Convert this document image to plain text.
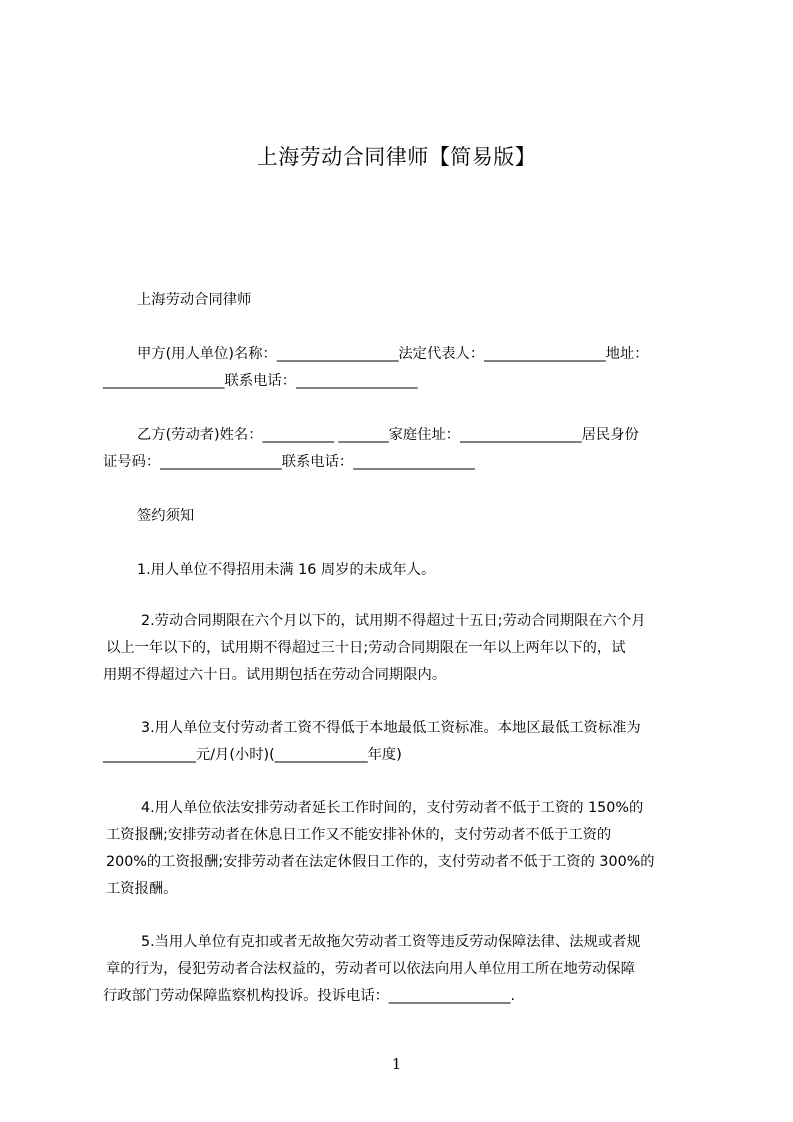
上海劳动合同律师【简易版】

上海劳动合同律师

甲方(用人单位)名称：_________________法定代表人：_________________地址：
_________________联系电话：_________________

乙方(劳动者)姓名：__________ _______家庭住址：_________________居民身份
证号码：_________________联系电话：_________________

签约须知

1.用人单位不得招用未满 16 周岁的未成年人。

2.劳动合同期限在六个月以下的，试用期不得超过十五日;劳动合同期限在六个月
以上一年以下的，试用期不得超过三十日;劳动合同期限在一年以上两年以下的，试
用期不得超过六十日。试用期包括在劳动合同期限内。

3.用人单位支付劳动者工资不得低于本地最低工资标准。本地区最低工资标准为
_____________元/月(小时)(_____________年度)

4.用人单位依法安排劳动者延长工作时间的，支付劳动者不低于工资的 150%的
工资报酬;安排劳动者在休息日工作又不能安排补休的，支付劳动者不低于工资的
200%的工资报酬;安排劳动者在法定休假日工作的，支付劳动者不低于工资的 300%的
工资报酬。

5.当用人单位有克扣或者无故拖欠劳动者工资等违反劳动保障法律、法规或者规
章的行为，侵犯劳动者合法权益的，劳动者可以依法向用人单位用工所在地劳动保障
行政部门劳动保障监察机构投诉。投诉电话：_________________.

1
